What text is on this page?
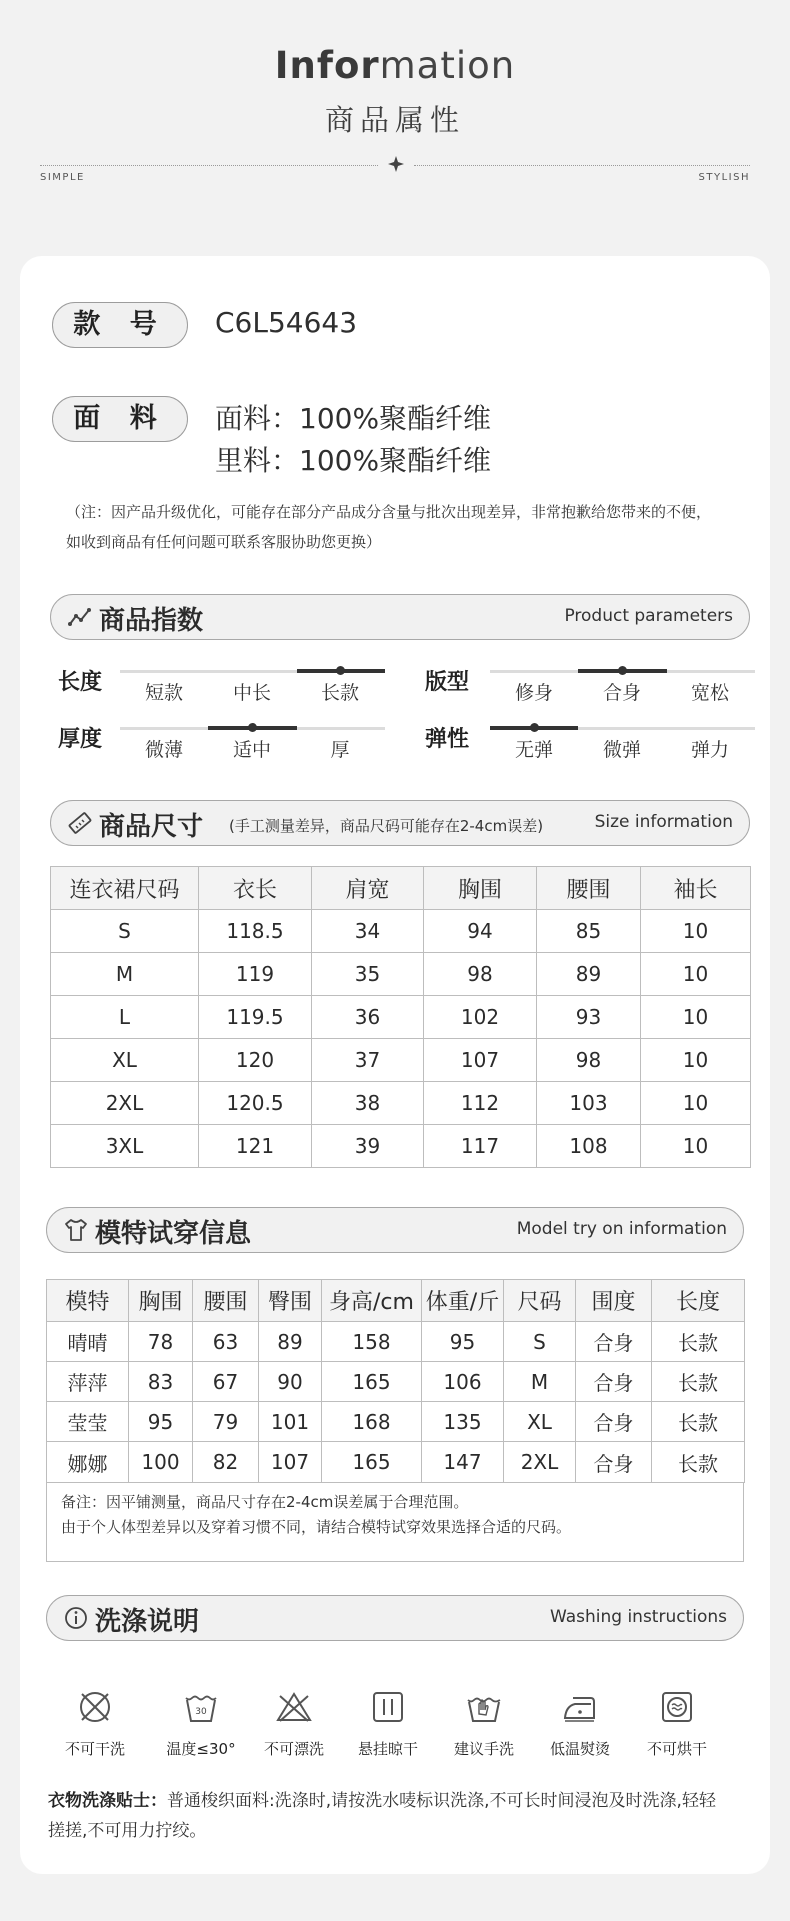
Information
商品属性
SIMPLE	STYLISH
款 号	C6L54643
面 料	面料：100%聚酯纤维
里料：100%聚酯纤维
（注：因产品升级优化，可能存在部分产品成分含量与批次出现差异，非常抱歉给您带来的不便，
如收到商品有任何问题可联系客服协助您更换）
商品指数	Product parameters
长度	短款	中长	长款	版型	修身	合身	宽松
厚度	微薄	适中	厚	弹性	无弹	微弹	弹力
商品尺寸 (手工测量差异，商品尺码可能存在2-4cm误差)	Size information
连衣裙尺码	衣长	肩宽	胸围	腰围	袖长
S	118.5	34	94	85	10
M	119	35	98	89	10
L	119.5	36	102	93	10
XL	120	37	107	98	10
2XL	120.5	38	112	103	10
3XL	121	39	117	108	10
模特试穿信息	Model try on information
模特	胸围	腰围	臀围	身高/cm	体重/斤	尺码	围度	长度
晴晴	78	63	89	158	95	S	合身	长款
萍萍	83	67	90	165	106	M	合身	长款
莹莹	95	79	101	168	135	XL	合身	长款
娜娜	100	82	107	165	147	2XL	合身	长款
备注：因平铺测量，商品尺寸存在2-4cm误差属于合理范围。
由于个人体型差异以及穿着习惯不同，请结合模特试穿效果选择合适的尺码。
洗涤说明	Washing instructions
不可干洗
30
温度≤30°	不可漂洗	悬挂晾干	建议手洗	低温熨烫	不可烘干
衣物洗涤贴士：普通梭织面料:洗涤时,请按洗水唛标识洗涤,不可长时间浸泡及时洗涤,轻轻
搓搓,不可用力拧绞。
